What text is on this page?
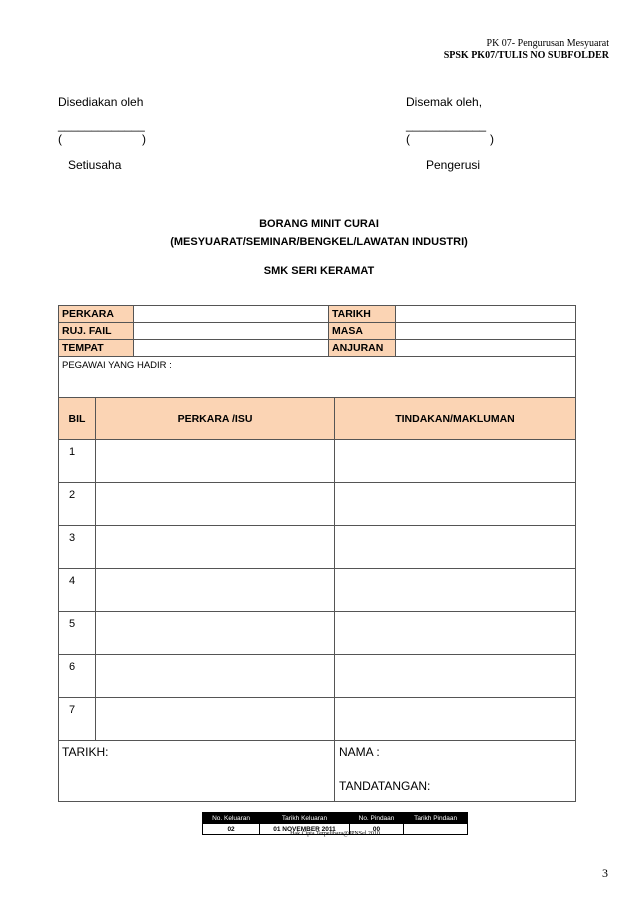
PK 07- Pengurusan Mesyuarat
SPSK PK07/TULIS NO SUBFOLDER
Disediakan oleh
_____________
(                        )
Setiusaha
Disemak oleh,
____________
(                        )
Pengerusi
BORANG MINIT CURAI
(MESYUARAT/SEMINAR/BENGKEL/LAWATAN INDUSTRI)
SMK SERI KERAMAT
PERKARA		TARIKH	
RUJ. FAIL		MASA	
TEMPAT		ANJURAN	
PEGAWAI YANG HADIR :			
BIL	PERKARA /ISU	TINDAKAN/MAKLUMAN
1		
2		
3		
4		
5		
6		
7		
TARIKH:		NAMA :
TANDATANGAN:
No. Keluaran	Tarikh Keluaran	No. Pindaan	Tarikh Pindaan
02	01 NOVEMBER 2011	00	
Hak Cipta Terpelihara@JPNSel 2010
3
